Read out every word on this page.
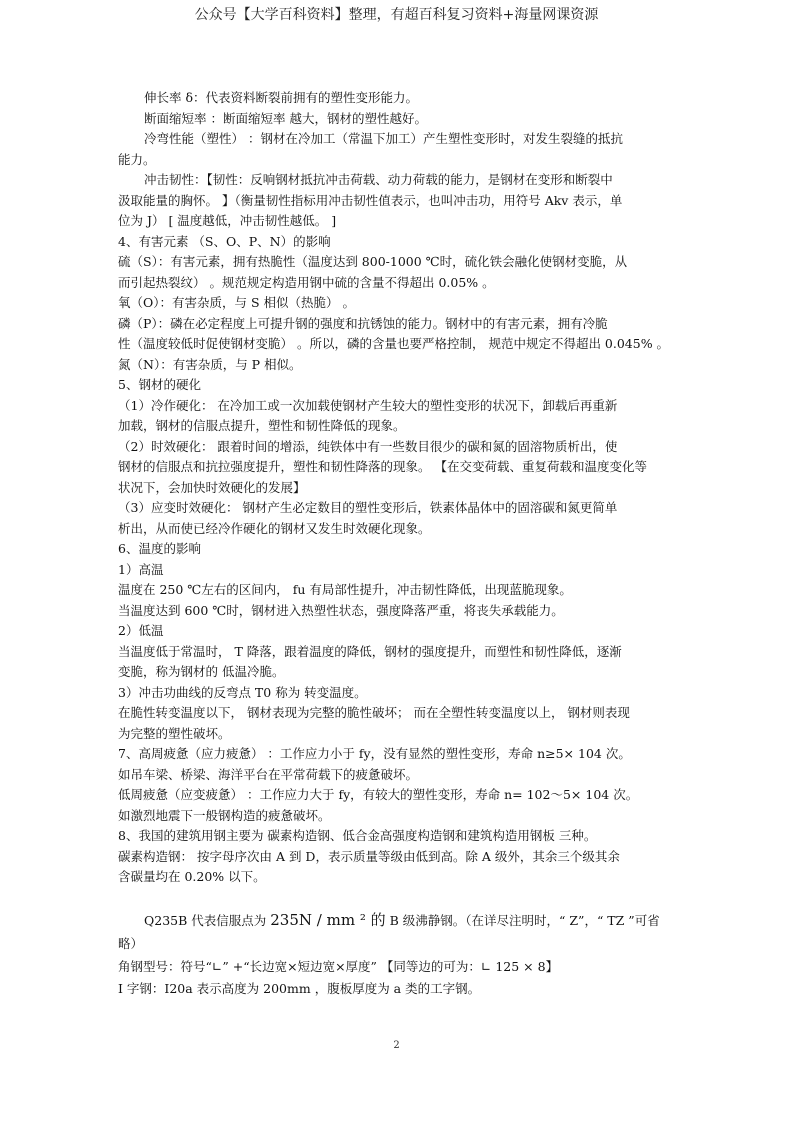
公众号【大学百科资料】整理，有超百科复习资料+海量网课资源
伸长率 δ：代表资料断裂前拥有的塑性变形能力。
断面缩短率 ：断面缩短率 越大，钢材的塑性越好。
冷弯性能（塑性） ：钢材在冷加工（常温下加工）产生塑性变形时，对发生裂缝的抵抗
能力。
冲击韧性：【韧性：反响钢材抵抗冲击荷载、动力荷载的能力，是钢材在变形和断裂中
汲取能量的胸怀。 】（衡量韧性指标用冲击韧性值表示，也叫冲击功，用符号 Akv 表示，单
位为 J） [ 温度越低，冲击韧性越低。 ]
4、有害元素 （S、O、P、N）的影响
硫（S）：有害元素，拥有热脆性（温度达到 800-1000 ℃时，硫化铁会融化使钢材变脆，从
而引起热裂纹） 。规范规定构造用钢中硫的含量不得超出 0.05% 。
氧（O）：有害杂质，与 S 相似（热脆） 。
磷（P）：磷在必定程度上可提升钢的强度和抗锈蚀的能力。钢材中的有害元素，拥有冷脆
性（温度较低时促使钢材变脆） 。所以，磷的含量也要严格控制， 规范中规定不得超出 0.045% 。
氮（N）：有害杂质，与 P 相似。
5、钢材的硬化
（1）冷作硬化： 在冷加工或一次加载使钢材产生较大的塑性变形的状况下，卸载后再重新
加载，钢材的信服点提升，塑性和韧性降低的现象。
（2）时效硬化： 跟着时间的增添，纯铁体中有一些数目很少的碳和氮的固溶物质析出，使
钢材的信服点和抗拉强度提升，塑性和韧性降落的现象。 【在交变荷载、重复荷载和温度变化等
状况下，会加快时效硬化的发展】
（3）应变时效硬化： 钢材产生必定数目的塑性变形后，铁素体晶体中的固溶碳和氮更简单
析出，从而使已经冷作硬化的钢材又发生时效硬化现象。
6、温度的影响
1）高温
温度在 250 ℃左右的区间内， fu 有局部性提升，冲击韧性降低，出现蓝脆现象。
当温度达到 600 ℃时，钢材进入热塑性状态，强度降落严重，将丧失承载能力。
2）低温
当温度低于常温时， T 降落，跟着温度的降低，钢材的强度提升，而塑性和韧性降低，逐渐
变脆，称为钢材的 低温冷脆。
3）冲击功曲线的反弯点 T0 称为 转变温度。
在脆性转变温度以下， 钢材表现为完整的脆性破坏； 而在全塑性转变温度以上， 钢材则表现
为完整的塑性破坏。
7、高周疲惫（应力疲惫） ：工作应力小于 fy，没有显然的塑性变形，寿命 n≥5× 104 次。
如吊车梁、桥梁、海洋平台在平常荷载下的疲惫破坏。
低周疲惫（应变疲惫） ：工作应力大于 fy，有较大的塑性变形，寿命 n= 102～5× 104 次。
如激烈地震下一般钢构造的疲惫破坏。
8、我国的建筑用钢主要为 碳素构造钢、低合金高强度构造钢和建筑构造用钢板 三种。
碳素构造钢： 按字母序次由 A 到 D，表示质量等级由低到高。除 A 级外，其余三个级其余
含碳量均在 0.20% 以下。
Q235B 代表信服点为 235N / mm ² 的 B 级沸静钢。（在详尽注明时，“ Z”，“ TZ ”可省
略）
角钢型号：符号“∟” +“长边宽×短边宽×厚度” 【同等边的可为：∟ 125 × 8】
I 字钢：I20a 表示高度为 200mm ，腹板厚度为 a 类的工字钢。
2
